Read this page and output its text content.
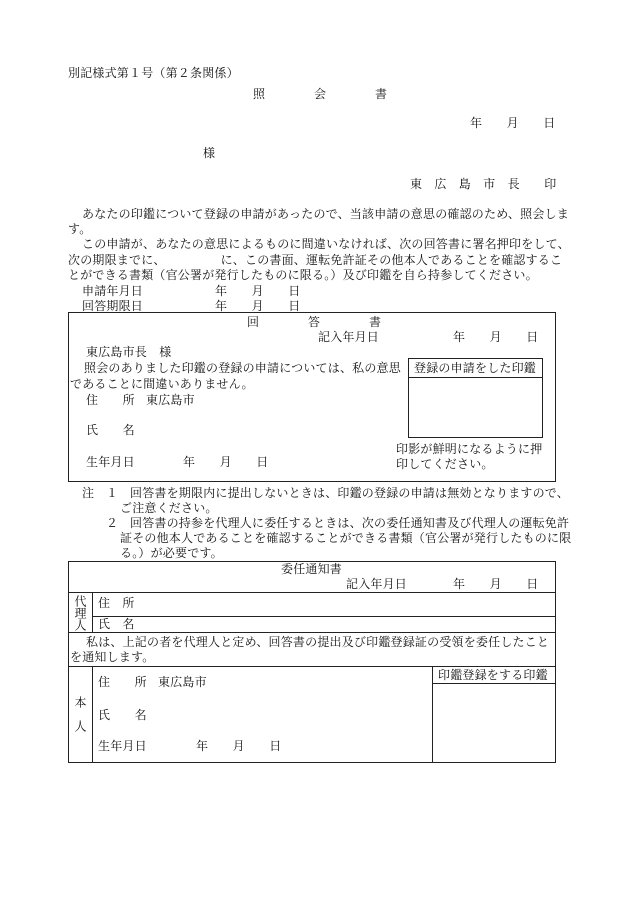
別記様式第１号（第２条関係）
照　　　　会　　　　書
年　　月　　日
様
東　広　島　市　長　　印
あなたの印鑑について登録の申請があったので、当該申請の意思の確認のため、照会しま
す。
この申請が、あなたの意思によるものに間違いなければ、次の回答書に署名押印をして、
次の期限までに、　　　　　に、この書面、運転免許証その他本人であることを確認するこ
とができる書類（官公署が発行したものに限る。）及び印鑑を自ら持参してください。
申請年月日	年　　月　　日
回答期限日	年　　月　　日
回　　　　答　　　　書
記入年月日	年　　月　　日
東広島市長　様
照会のありました印鑑の登録の申請については、私の意思
であることに間違いありません。
登録の申請をした印鑑
住　　所 東広島市
氏　　名
印影が鮮明になるように押
印してください。
生年月日	年　　月　　日
注 １ 回答書を期限内に提出しないときは、印鑑の登録の申請は無効となりますので、
ご注意ください。
２ 回答書の持参を代理人に委任するときは、次の委任通知書及び代理人の運転免許
証その他本人であることを確認することができる書類（官公署が発行したものに限
る。）が必要です。
委任通知書
記入年月日	年　　月　　日
代理人 住　所
氏　名
私は、上記の者を代理人と定め、回答書の提出及び印鑑登録証の受領を委任したこと
を通知します。
本人
住　　所 東広島市
氏　　名
生年月日	年　　月　　日
印鑑登録をする印鑑
